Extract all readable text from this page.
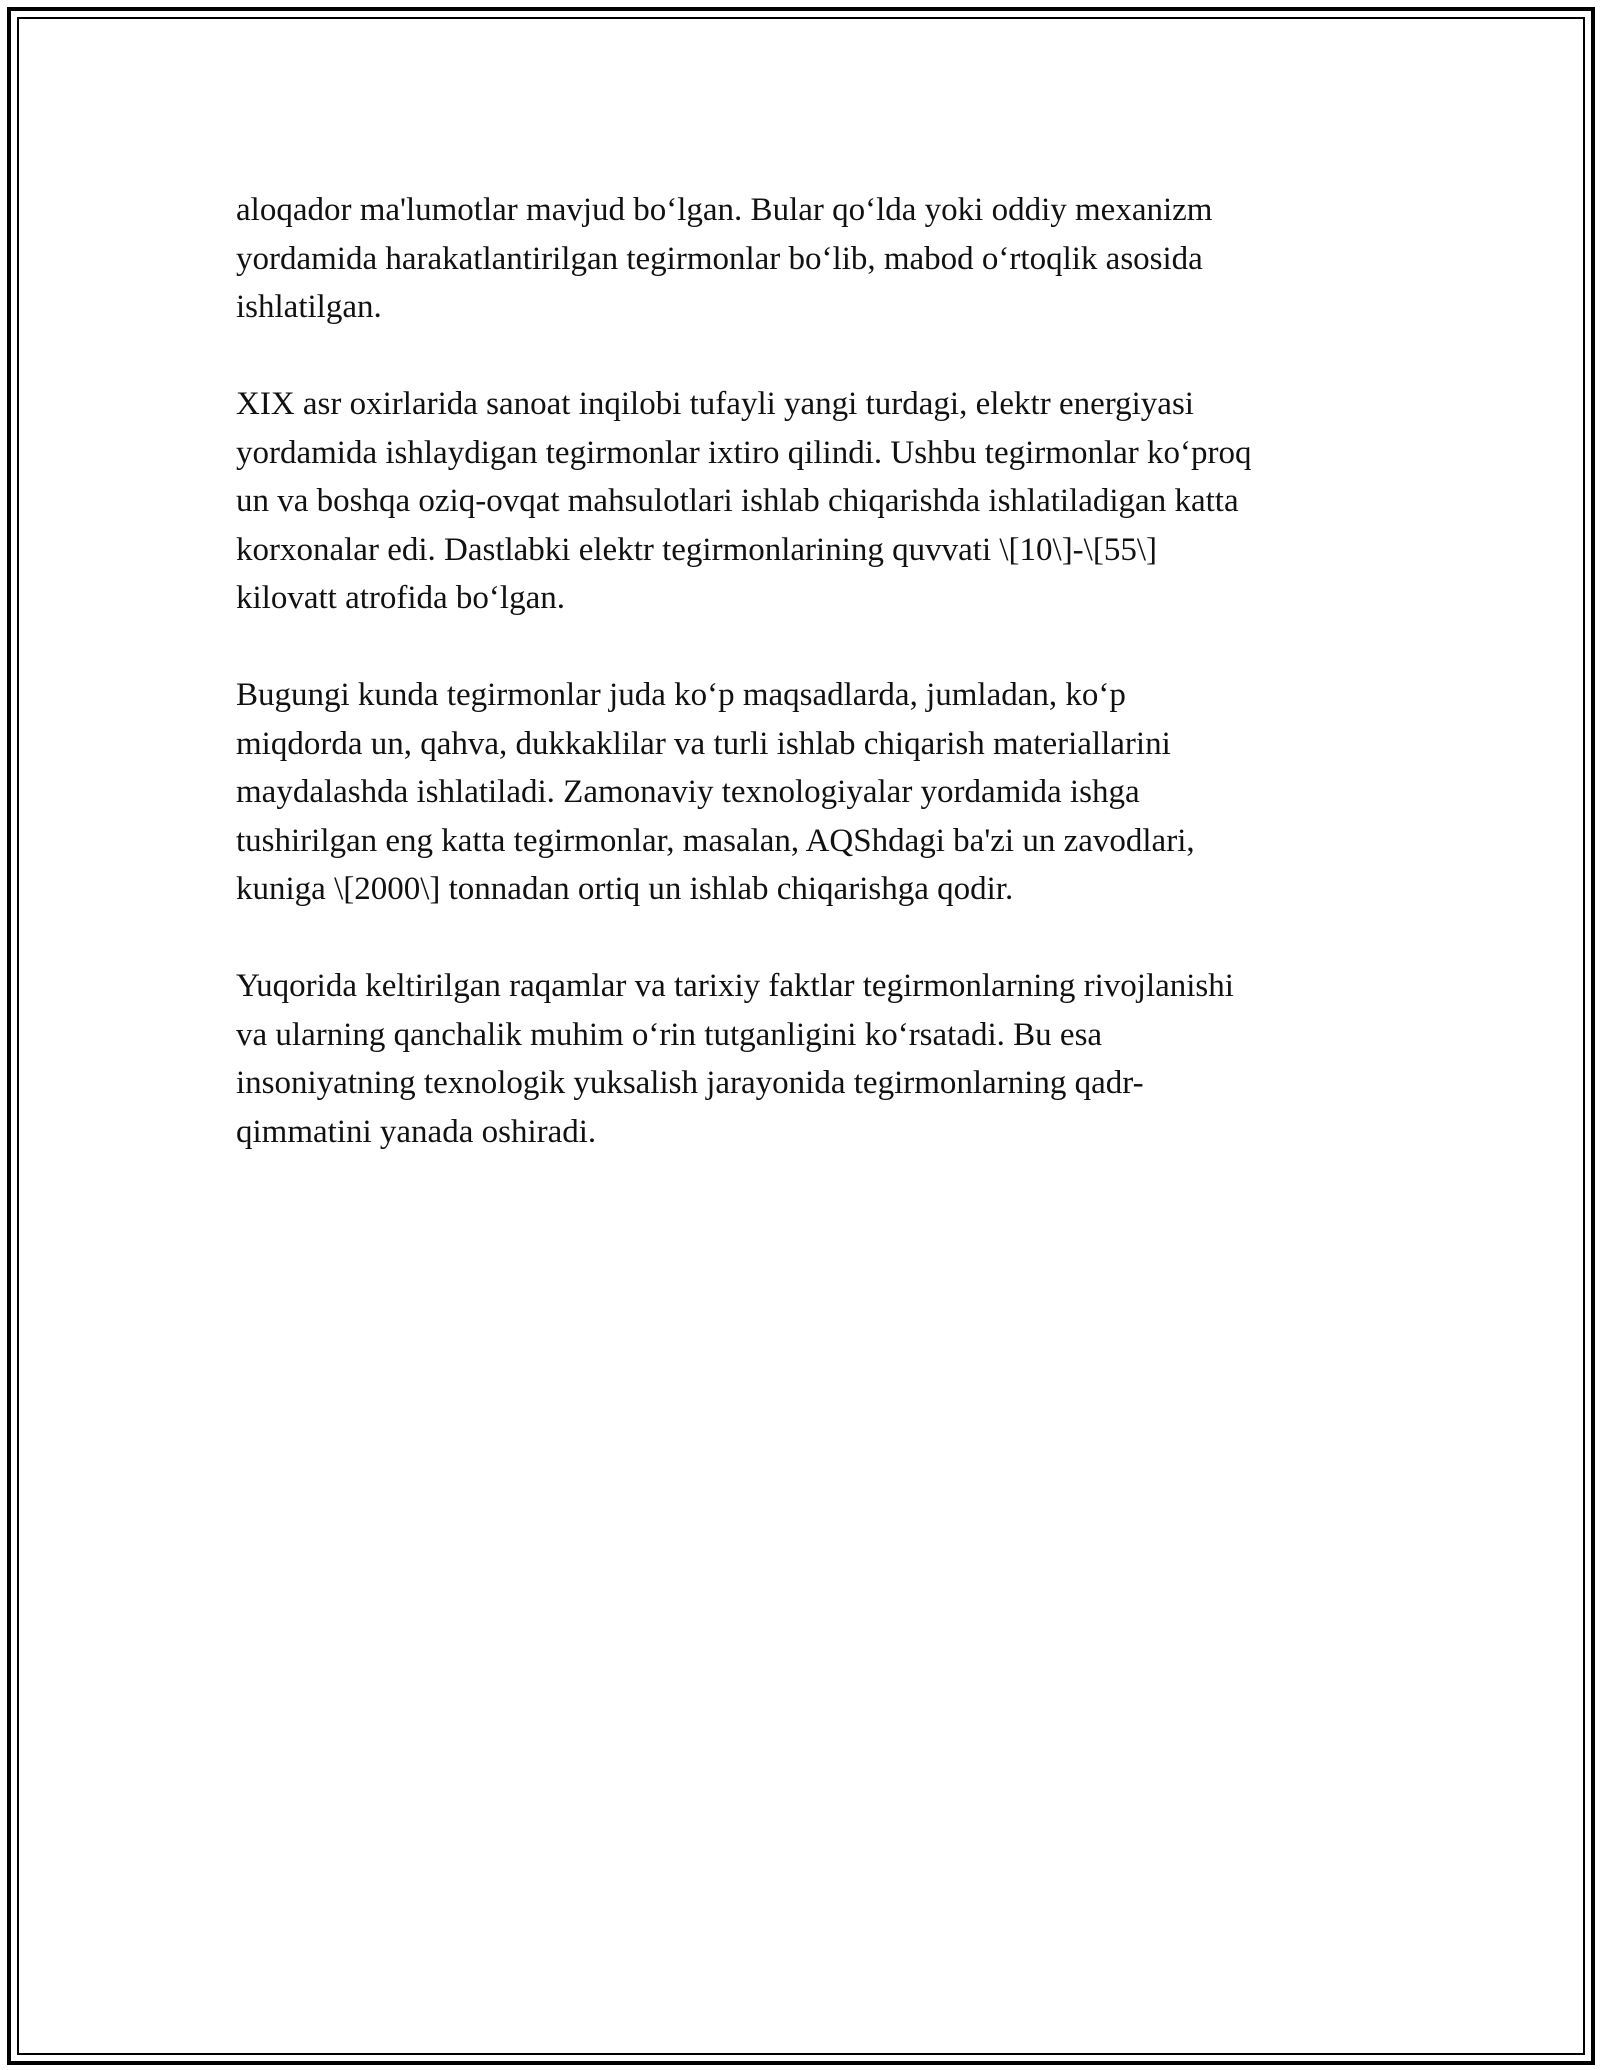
aloqador ma'lumotlar mavjud bo‘lgan. Bular qo‘lda yoki oddiy mexanizm
yordamida harakatlantirilgan tegirmonlar bo‘lib, mabod o‘rtoqlik asosida
ishlatilgan.

XIX asr oxirlarida sanoat inqilobi tufayli yangi turdagi, elektr energiyasi
yordamida ishlaydigan tegirmonlar ixtiro qilindi. Ushbu tegirmonlar ko‘proq
un va boshqa oziq-ovqat mahsulotlari ishlab chiqarishda ishlatiladigan katta
korxonalar edi. Dastlabki elektr tegirmonlarining quvvati \[10\]-\[55\]
kilovatt atrofida bo‘lgan.

Bugungi kunda tegirmonlar juda ko‘p maqsadlarda, jumladan, ko‘p
miqdorda un, qahva, dukkaklilar va turli ishlab chiqarish materiallarini
maydalashda ishlatiladi. Zamonaviy texnologiyalar yordamida ishga
tushirilgan eng katta tegirmonlar, masalan, AQShdagi ba'zi un zavodlari,
kuniga \[2000\] tonnadan ortiq un ishlab chiqarishga qodir.

Yuqorida keltirilgan raqamlar va tarixiy faktlar tegirmonlarning rivojlanishi
va ularning qanchalik muhim o‘rin tutganligini ko‘rsatadi. Bu esa
insoniyatning texnologik yuksalish jarayonida tegirmonlarning qadr-
qimmatini yanada oshiradi.
